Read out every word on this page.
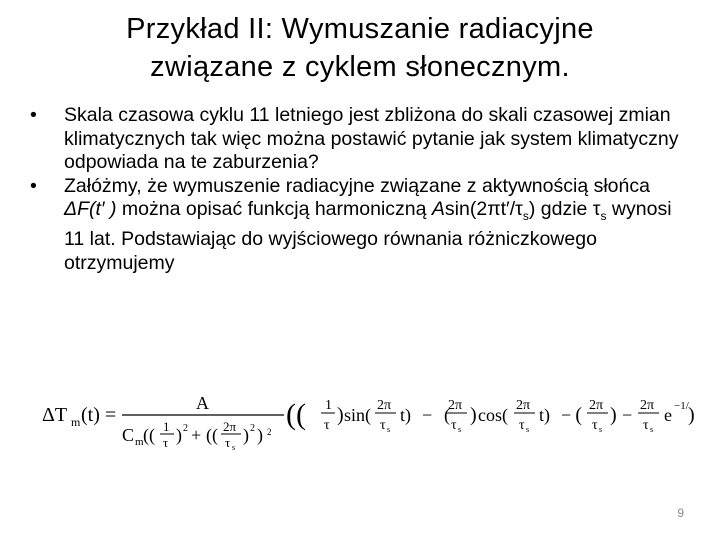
Przykład II: Wymuszanie radiacyjne
związane z cyklem słonecznym.
•	Skala czasowa cyklu 11 letniego jest zbliżona do skali czasowej zmian klimatycznych tak więc można postawić pytanie jak system klimatyczny odpowiada na te zaburzenia?
•	Załóżmy, że wymuszenie radiacyjne związane z aktywnością słońca ΔF(t′ ) można opisać funkcją harmoniczną $Asin(2\pi t'/\tau_s)$ gdzie $\tau_s$ wynosi 11 lat. Podstawiając do wyjściowego równania różniczkowego otrzymujemy
ΔT m (t) =
A
C m (( 1
τ ) 2 + (( 2π
τ s
) 2 ) 2
(( 1
τ ) sin( 2π
τ s
t) − )
2π
τ s
) cos( 2π
τ s
t) − ) 2π
τ s
) − 2π
τ s
e −1/ )
9
